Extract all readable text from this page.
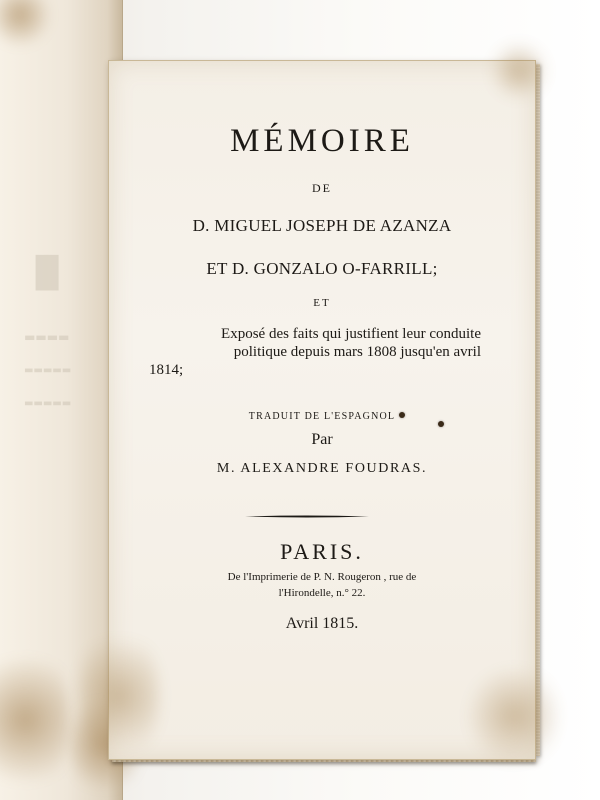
▐▌
▬▬▬▬
▬▬▬▬▬
▬▬▬▬▬
MÉMOIRE
DE
D. MIGUEL JOSEPH DE AZANZA
ET D. GONZALO O-FARRILL;
ET
Exposé des faits qui justifient leur conduite
politique depuis mars 1808 jusqu'en avril
1814;
TRADUIT DE L'ESPAGNOL
Par
M. ALEXANDRE FOUDRAS.
PARIS.
De l'Imprimerie de P. N. Rougeron , rue de
l'Hirondelle, n.° 22.
Avril 1815.
